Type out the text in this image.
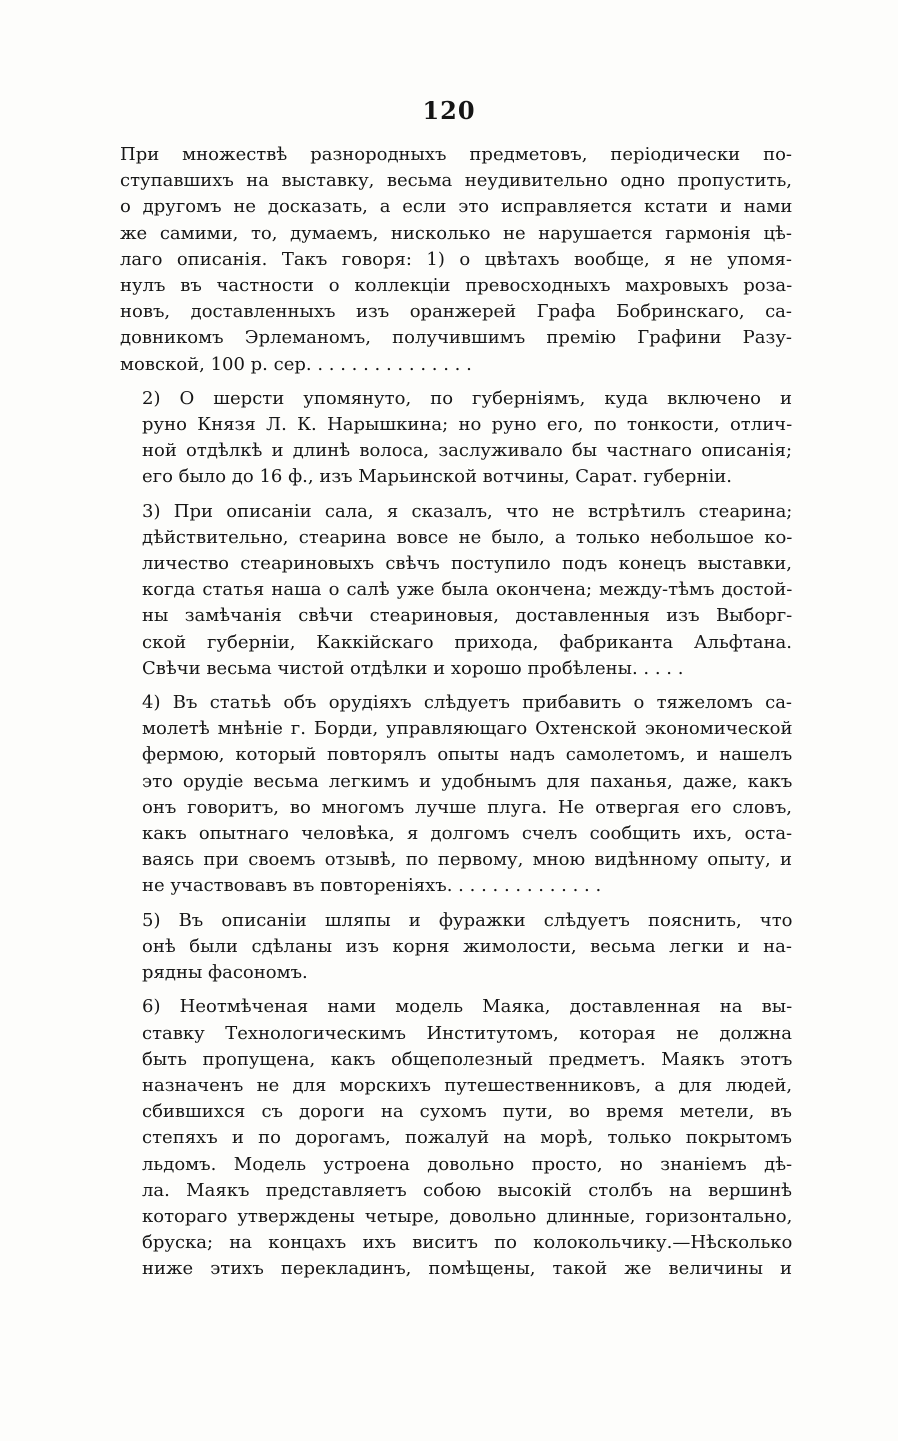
120
При множествѣ разнородныхъ предметовъ, періодически по-
ступавшихъ на выставку, весьма неудивительно одно пропустить,
о другомъ не досказать, а если это исправляется кстати и нами
же самими, то, думаемъ, нисколько не нарушается гармонія цѣ-
лаго описанія. Такъ говоря: 1) о цвѣтахъ вообще, я не упомя-
нулъ въ частности о коллекціи превосходныхъ махровыхъ роза-
новъ, доставленныхъ изъ оранжерей Графа Бобринскаго, са-
довникомъ Эрлеманомъ, получившимъ премію Графини Разу-
мовской, 100 р. сер. . . . . . . . . . . . . . .
2) О шерсти упомянуто, по губерніямъ, куда включено и
руно Князя Л. К. Нарышкина; но руно его, по тонкости, отлич-
ной отдѣлкѣ и длинѣ волоса, заслуживало бы частнаго описанія;
его было до 16 ф., изъ Марьинской вотчины, Сарат. губерніи.
3) При описаніи сала, я сказалъ, что не встрѣтилъ стеарина;
дѣйствительно, стеарина вовсе не было, а только небольшое ко-
личество стеариновыхъ свѣчъ поступило подъ конецъ выставки,
когда статья наша о салѣ уже была окончена; между-тѣмъ достой-
ны замѣчанія свѣчи стеариновыя, доставленныя изъ Выборг-
ской губерніи, Каккійскаго прихода, фабриканта Альфтана.
Свѣчи весьма чистой отдѣлки и хорошо пробѣлены. . . . .
4) Въ статьѣ объ орудіяхъ слѣдуетъ прибавить о тяжеломъ са-
молетѣ мнѣніе г. Борди, управляющаго Охтенской экономической
фермою, который повторялъ опыты надъ самолетомъ, и нашелъ
это орудіе весьма легкимъ и удобнымъ для паханья, даже, какъ
онъ говоритъ, во многомъ лучше плуга. Не отвергая его словъ,
какъ опытнаго человѣка, я долгомъ счелъ сообщить ихъ, оста-
ваясь при своемъ отзывѣ, по первому, мною видѣнному опыту, и
не участвовавъ въ повтореніяхъ. . . . . . . . . . . . . .
5) Въ описаніи шляпы и фуражки слѣдуетъ пояснить, что
онѣ были сдѣланы изъ корня жимолости, весьма легки и на-
рядны фасономъ.
6) Неотмѣченая нами модель Маяка, доставленная на вы-
ставку Технологическимъ Институтомъ, которая не должна
быть пропущена, какъ общеполезный предметъ. Маякъ этотъ
назначенъ не для морскихъ путешественниковъ, а для людей,
сбившихся съ дороги на сухомъ пути, во время метели, въ
степяхъ и по дорогамъ, пожалуй на морѣ, только покрытомъ
льдомъ. Модель устроена довольно просто, но знаніемъ дѣ-
ла. Маякъ представляетъ собою высокій столбъ на вершинѣ
котораго утверждены четыре, довольно длинные, горизонтально,
бруска; на концахъ ихъ виситъ по колокольчику.—Нѣсколько
ниже этихъ перекладинъ, помѣщены, такой же величины и
